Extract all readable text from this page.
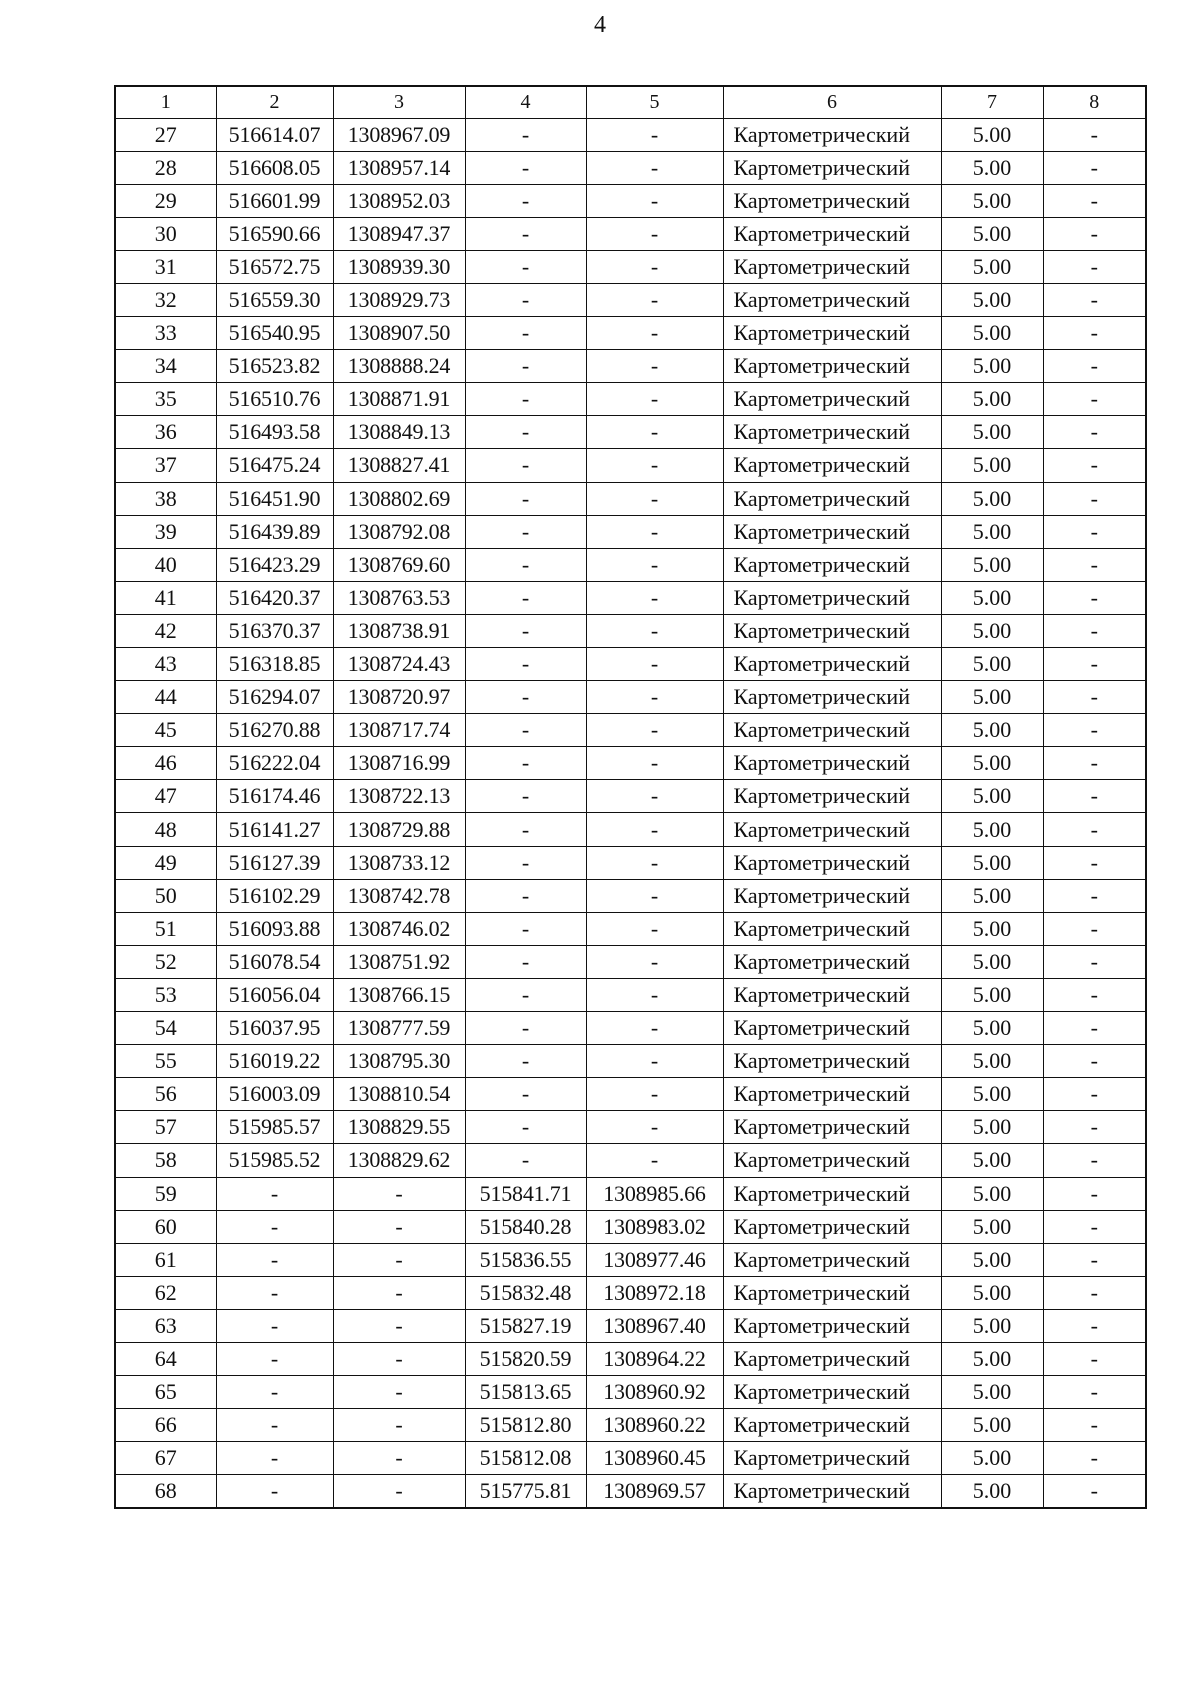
4
1	2	3	4	5	6	7	8
27	516614.07	1308967.09	-	-	Картометрический	5.00	-
28	516608.05	1308957.14	-	-	Картометрический	5.00	-
29	516601.99	1308952.03	-	-	Картометрический	5.00	-
30	516590.66	1308947.37	-	-	Картометрический	5.00	-
31	516572.75	1308939.30	-	-	Картометрический	5.00	-
32	516559.30	1308929.73	-	-	Картометрический	5.00	-
33	516540.95	1308907.50	-	-	Картометрический	5.00	-
34	516523.82	1308888.24	-	-	Картометрический	5.00	-
35	516510.76	1308871.91	-	-	Картометрический	5.00	-
36	516493.58	1308849.13	-	-	Картометрический	5.00	-
37	516475.24	1308827.41	-	-	Картометрический	5.00	-
38	516451.90	1308802.69	-	-	Картометрический	5.00	-
39	516439.89	1308792.08	-	-	Картометрический	5.00	-
40	516423.29	1308769.60	-	-	Картометрический	5.00	-
41	516420.37	1308763.53	-	-	Картометрический	5.00	-
42	516370.37	1308738.91	-	-	Картометрический	5.00	-
43	516318.85	1308724.43	-	-	Картометрический	5.00	-
44	516294.07	1308720.97	-	-	Картометрический	5.00	-
45	516270.88	1308717.74	-	-	Картометрический	5.00	-
46	516222.04	1308716.99	-	-	Картометрический	5.00	-
47	516174.46	1308722.13	-	-	Картометрический	5.00	-
48	516141.27	1308729.88	-	-	Картометрический	5.00	-
49	516127.39	1308733.12	-	-	Картометрический	5.00	-
50	516102.29	1308742.78	-	-	Картометрический	5.00	-
51	516093.88	1308746.02	-	-	Картометрический	5.00	-
52	516078.54	1308751.92	-	-	Картометрический	5.00	-
53	516056.04	1308766.15	-	-	Картометрический	5.00	-
54	516037.95	1308777.59	-	-	Картометрический	5.00	-
55	516019.22	1308795.30	-	-	Картометрический	5.00	-
56	516003.09	1308810.54	-	-	Картометрический	5.00	-
57	515985.57	1308829.55	-	-	Картометрический	5.00	-
58	515985.52	1308829.62	-	-	Картометрический	5.00	-
59	-	-	515841.71	1308985.66	Картометрический	5.00	-
60	-	-	515840.28	1308983.02	Картометрический	5.00	-
61	-	-	515836.55	1308977.46	Картометрический	5.00	-
62	-	-	515832.48	1308972.18	Картометрический	5.00	-
63	-	-	515827.19	1308967.40	Картометрический	5.00	-
64	-	-	515820.59	1308964.22	Картометрический	5.00	-
65	-	-	515813.65	1308960.92	Картометрический	5.00	-
66	-	-	515812.80	1308960.22	Картометрический	5.00	-
67	-	-	515812.08	1308960.45	Картометрический	5.00	-
68	-	-	515775.81	1308969.57	Картометрический	5.00	-
